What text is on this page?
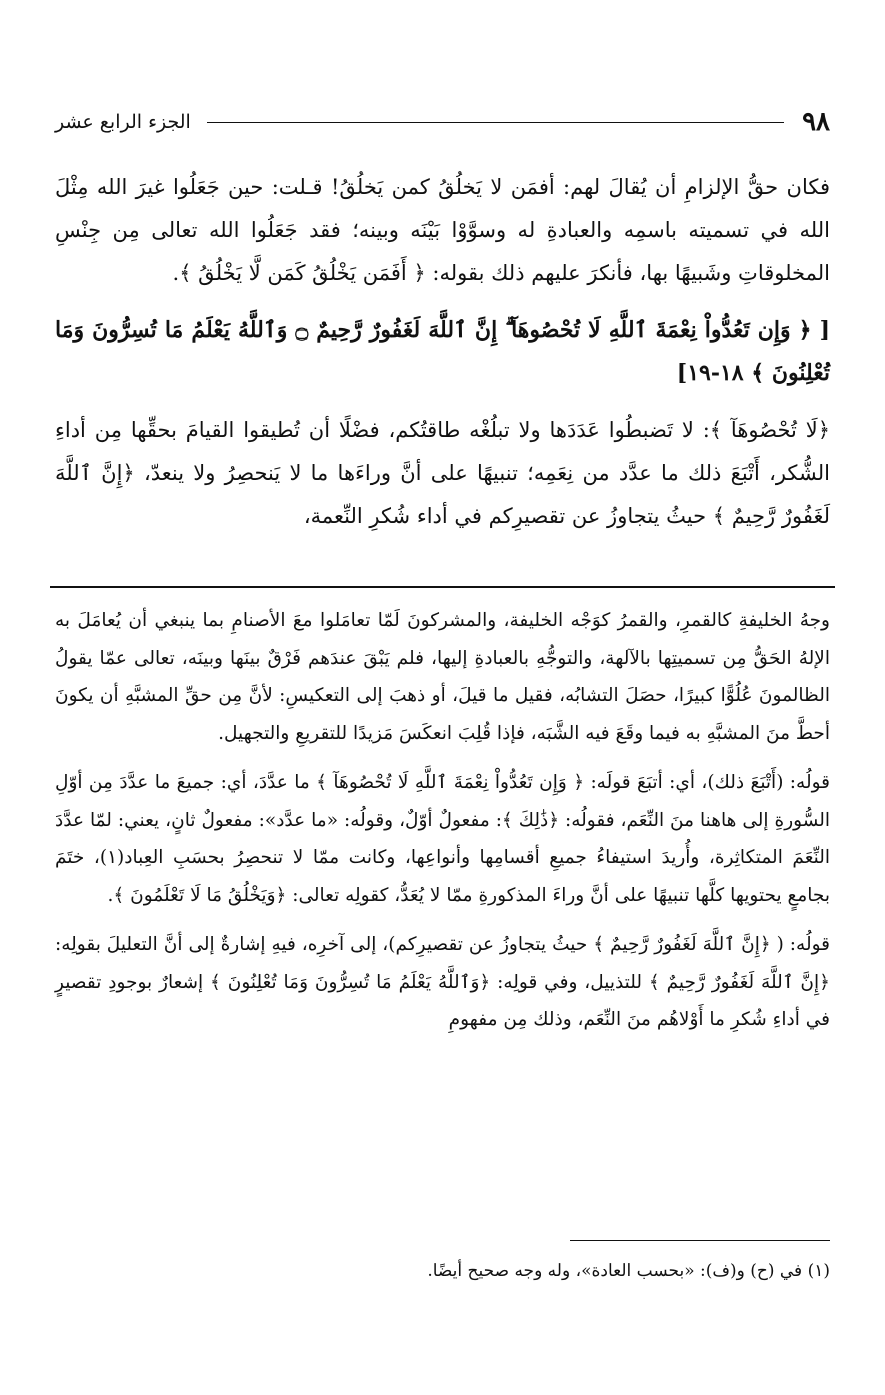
٩٨
الجزء الرابع عشر

فكان حقُّ الإلزامِ أن يُقالَ لهم: أفمَن لا يَخلُقُ كمن يَخلُقُ! قـلت: حين جَعَلُوا غيرَ الله مِثْلَ الله في تسميته باسمِه والعبادةِ له وسوَّوْا بَيْنَه وبينه؛ فقد جَعَلُوا الله تعالى مِن جِنْسِ المخلوقاتِ وشَبيهًا بها، فأنكرَ عليهم ذلك بقوله: ﴿ أَفَمَن يَخْلُقُ كَمَن لَّا يَخْلُقُ ﴾.

[ ﴿ وَإِن تَعُدُّواْ نِعْمَةَ ٱللَّهِ لَا تُحْصُوهَآ ۗ إِنَّ ٱللَّهَ لَغَفُورٌ رَّحِيمٌ ۝ وَٱللَّهُ يَعْلَمُ مَا تُسِرُّونَ وَمَا تُعْلِنُونَ ﴾ ١٨-١٩]

﴿لَا تُحْصُوهَآ ﴾: لا تَضبطُوا عَدَدَها ولا تبلُغْه طاقتُكم، فضْلًا أن تُطيقوا القيامَ بحقِّها مِن أداءِ الشُّكر، أَتْبَعَ ذلك ما عدَّد من نِعَمِه؛ تنبيهًا على أنَّ وراءَها ما لا يَنحصِرُ ولا ينعدّ، ﴿إِنَّ ٱللَّهَ لَغَفُورٌ رَّحِيمٌ ﴾ حيثُ يتجاوزُ عن تقصيرِكم في أداء شُكرِ النِّعمة،

وجهُ الخليفةِ كالقمرِ، والقمرُ كوَجْه الخليفة، والمشركونَ لَمّا تعامَلوا معَ الأصنامِ بما ينبغي أن يُعامَلَ به الإلهُ الحَقُّ مِن تسميتِها بالآلهة، والتوجُّهِ بالعبادةِ إليها، فلم يَبْقَ عندَهم فَرْقٌ بينَها وبينَه، تعالى عمّا يقولُ الظالمونَ عُلُوًّا كبيرًا، حصَلَ التشابُه، فقيل ما قيلَ، أو ذهبَ إلى التعكيسِ: لأنَّ مِن حقِّ المشبَّهِ أن يكونَ أحطَّ منَ المشبَّهِ به فيما وقَعَ فيه الشَّبَه، فإذا قُلِبَ انعكَسَ مَزيدًا للتقريعِ والتجهيل.

قولُه: (أَتْبَعَ ذلك)، أي: أتبَعَ قولَه: ﴿ وَإِن تَعُدُّواْ نِعْمَةَ ٱللَّهِ لَا تُحْصُوهَآ ﴾ ما عدَّدَ، أي: جميعَ ما عدَّدَ مِن أوّلِ السُّورةِ إلى هاهنا منَ النِّعَم، فقولُه: ﴿ذَٰلِكَ ﴾: مفعولٌ أوّلٌ، وقولُه: «ما عدَّد»: مفعولٌ ثانٍ، يعني: لمّا عدَّدَ النِّعَمَ المتكاثِرة، وأُريدَ استيفاءُ جميعِ أقسامِها وأنواعِها، وكانت ممّا لا تنحصِرُ بحسَبِ العِباد(١)، ختَمَ بجامعٍ يحتويها كلَّها تنبيهًا على أنَّ وراءَ المذكورةِ ممّا لا يُعَدُّ، كقولِه تعالى: ﴿وَيَخْلُقُ مَا لَا تَعْلَمُونَ ﴾.

قولُه: ( ﴿إِنَّ ٱللَّهَ لَغَفُورٌ رَّحِيمٌ ﴾ حيثُ يتجاوزُ عن تقصيرِكم)، إلى آخرِه، فيهِ إشارةٌ إلى أنَّ التعليلَ بقولِه: ﴿إِنَّ ٱللَّهَ لَغَفُورٌ رَّحِيمٌ ﴾ للتذييل، وفي قولِه: ﴿وَٱللَّهُ يَعْلَمُ مَا تُسِرُّونَ وَمَا تُعْلِنُونَ ﴾ إشعارٌ بوجودِ تقصيرٍ في أداءِ شُكرِ ما أَوْلاهُم منَ النِّعَم، وذلك مِن مفهومِ

(١) في (ح) و(ف): «بحسب العادة»، وله وجه صحيح أيضًا.
